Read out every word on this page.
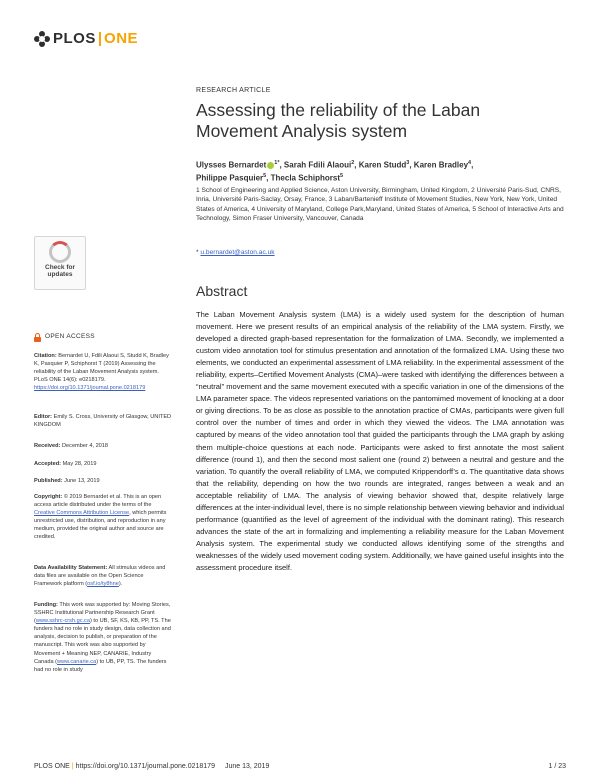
PLOS | ONE
RESEARCH ARTICLE
Assessing the reliability of the Laban Movement Analysis system
Ulysses Bernardet $^{1*}$, Sarah Fdili Alaoui$^2$, Karen Studd$^3$, Karen Bradley$^4$,
Philippe Pasquier$^5$, Thecla Schiphorst$^5$
1 School of Engineering and Applied Science, Aston University, Birmingham, United Kingdom, 2 Université Paris-Sud, CNRS, Inria, Université Paris-Saclay, Orsay, France, 3 Laban/Bartenieff Institute of Movement Studies, New York, New York, United States of America, 4 University of Maryland, College Park,Maryland, United States of America, 5 School of Interactive Arts and Technology, Simon Fraser University, Vancouver, Canada
* u.bernardet@aston.ac.uk
Abstract
The Laban Movement Analysis system (LMA) is a widely used system for the description of human movement. Here we present results of an empirical analysis of the reliability of the LMA system. Firstly, we developed a directed graph-based representation for the formalization of LMA. Secondly, we implemented a custom video annotation tool for stimulus presentation and annotation of the formalized LMA. Using these two elements, we conducted an experimental assessment of LMA reliability. In the experimental assessment of the reliability, experts–Certified Movement Analysts (CMA)–were tasked with identifying the differences between a “neutral” movement and the same movement executed with a specific variation in one of the dimensions of the LMA parameter space. The videos represented variations on the pantomimed movement of knocking at a door or giving directions. To be as close as possible to the annotation practice of CMAs, participants were given full control over the number of times and order in which they viewed the videos. The LMA annotation was captured by means of the video annotation tool that guided the participants through the LMA graph by asking them multiple-choice questions at each node. Participants were asked to first annotate the most salient difference (round 1), and then the second most salient one (round 2) between a neutral and gesture and the variation. To quantify the overall reliability of LMA, we computed Krippendorff’s α. The quantitative data shows that the reliability, depending on how the two rounds are integrated, ranges between a weak and an acceptable reliability of LMA. The analysis of viewing behavior showed that, despite relatively large differences at the inter-individual level, there is no simple relationship between viewing behavior and individual performance (quantified as the level of agreement of the individual with the dominant rating). This research advances the state of the art in formalizing and implementing a reliability measure for the Laban Movement Analysis system. The experimental study we conducted allows identifying some of the strengths and weaknesses of the widely used movement coding system. Additionally, we have gained useful insights into the assessment procedure itself.
Check for
updates
OPEN ACCESS
Citation: Bernardet U, Fdili Alaoui S, Studd K, Bradley K, Pasquier P, Schiphorst T (2019) Assessing the reliability of the Laban Movement Analysis system. PLoS ONE 14(6): e0218179. https://doi.org/10.1371/journal.pone.0218179
Editor: Emily S. Cross, University of Glasgow, UNITED KINGDOM
Received: December 4, 2018
Accepted: May 28, 2019
Published: June 13, 2019
Copyright: © 2019 Bernardet et al. This is an open access article distributed under the terms of the Creative Commons Attribution License, which permits unrestricted use, distribution, and reproduction in any medium, provided the original author and source are credited.
Data Availability Statement: All stimulus videos and data files are available on the Open Science Framework platform (osf.io/ty8hne).
Funding: This work was supported by: Moving Stories, SSHRC Institutional Partnership Research Grant (www.sshrc-crsh.gc.ca) to UB, SF, KS, KB, PP, TS. The funders had no role in study design, data collection and analysis, decision to publish, or preparation of the manuscript. This work was also supported by Movement + Meaning NEP, CANARIE, Industry Canada (www.canarie.ca) to UB, PP, TS. The funders had no role in study
PLOS ONE | https://doi.org/10.1371/journal.pone.0218179 June 13, 2019	1 / 23
